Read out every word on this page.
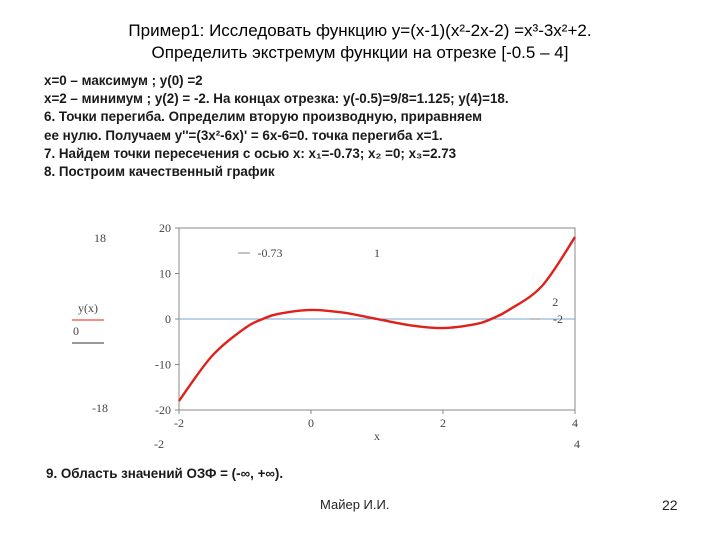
Пример1: Исследовать функцию y=(x-1)(x²-2x-2) =x³-3x²+2.
Определить экстремум функции на отрезке [-0.5 – 4]
x=0 – максимум ; y(0) =2
x=2 – минимум ; y(2) = -2. На концах отрезка: y(-0.5)=9/8=1.125; y(4)=18.
6. Точки перегиба. Определим вторую производную, приравняем
ее нулю. Получаем y''=(3x²-6x)' = 6x-6=0. точка перегиба x=1.
7. Найдем точки пересечения с осью x: x₁=-0.73; x₂ =0; x₃=2.73
8. Построим качественный график
20
10
0
-10
-20
-2	0	2	4
x
18
-18
-2	4
y(x)
0
-0.73	1
2
-2
9. Область значений ОЗФ = (-∞, +∞).
Майер И.И.	22
